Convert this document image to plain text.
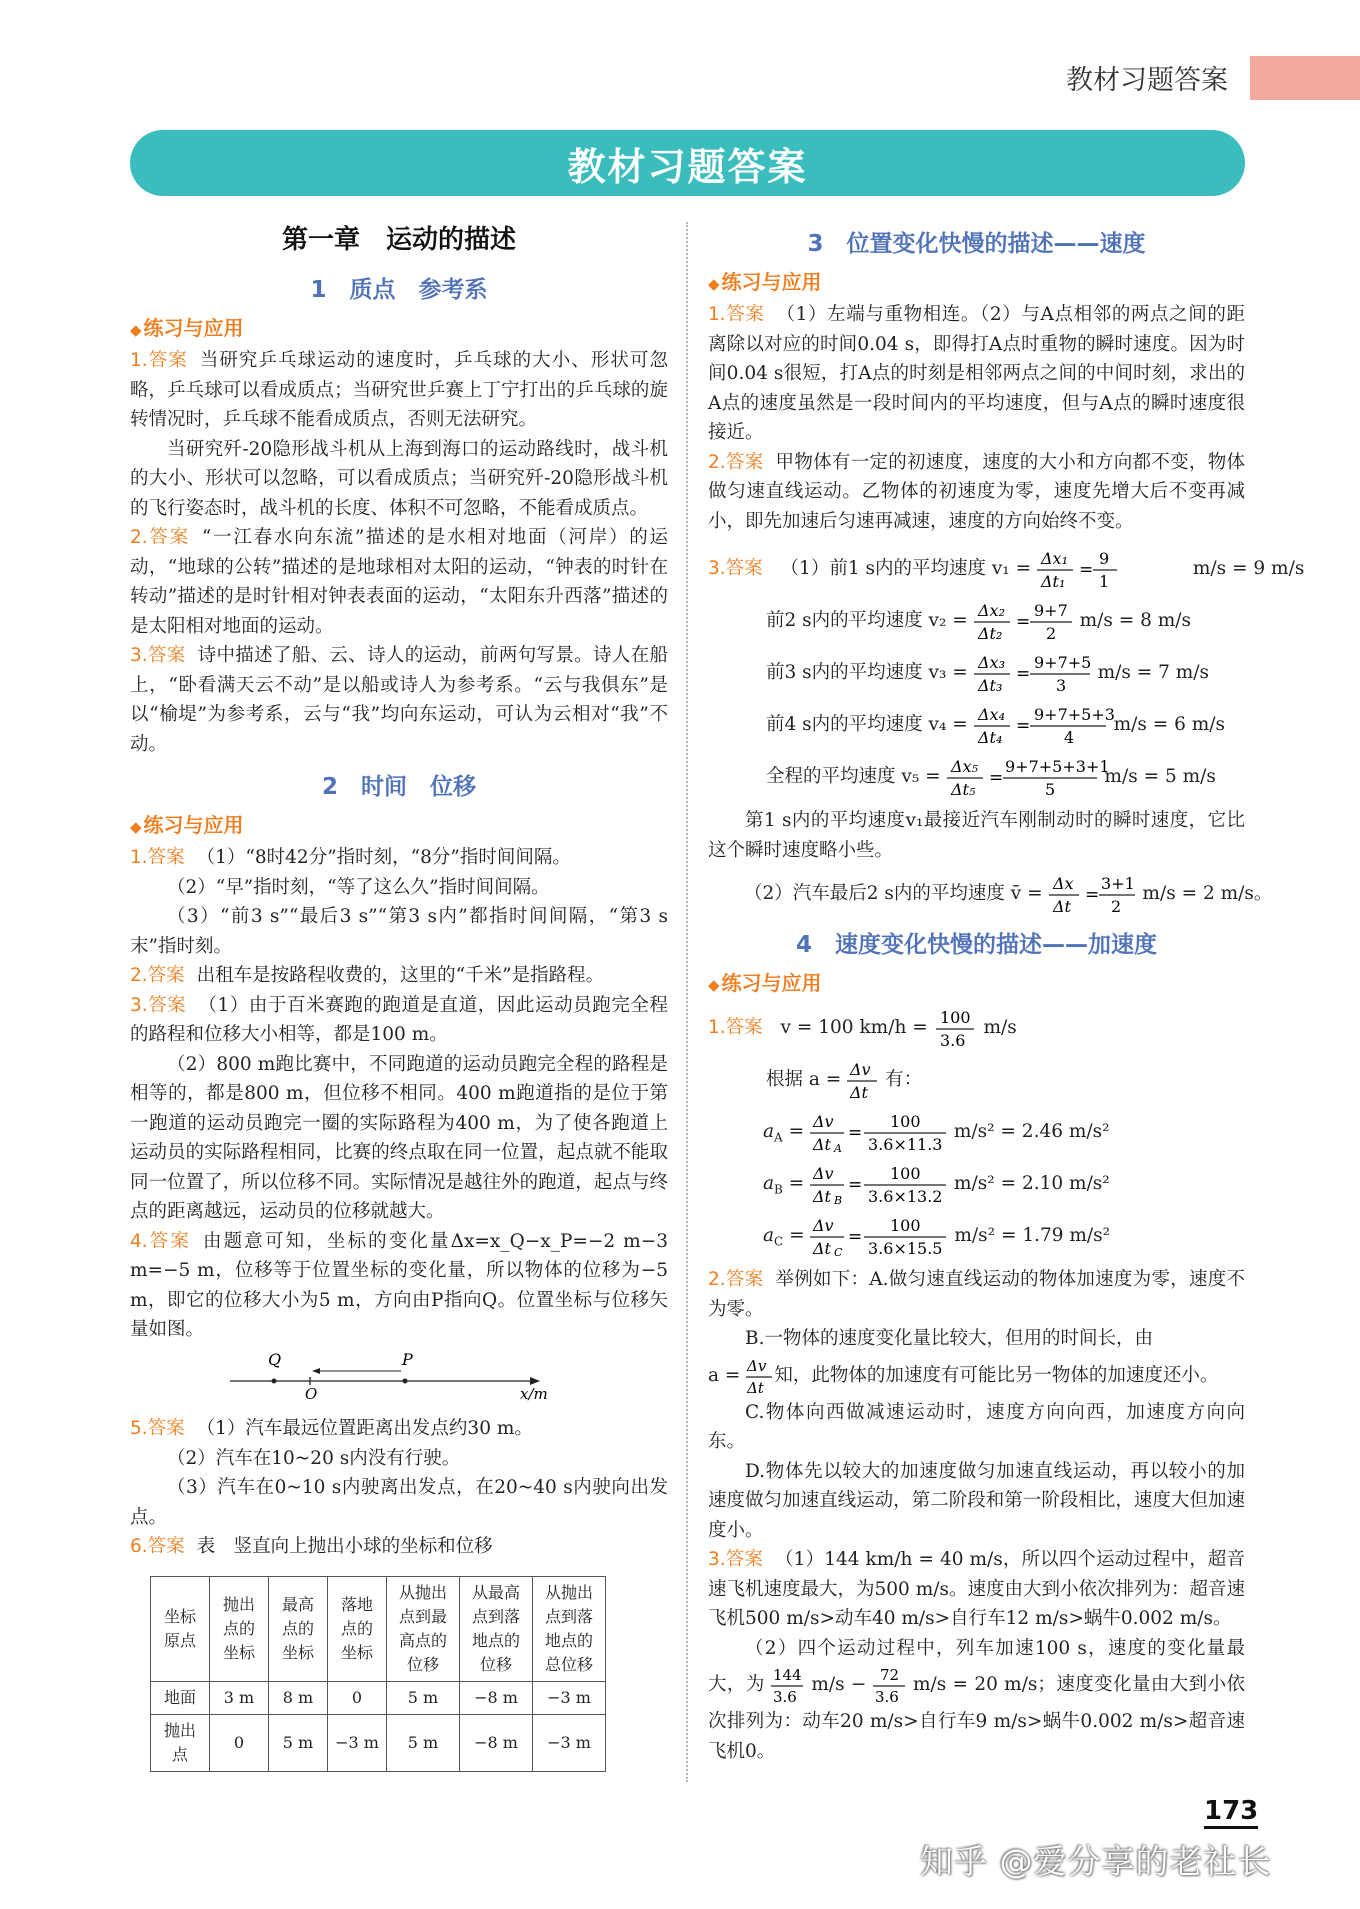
教材习题答案
教材习题答案
第一章　运动的描述
1　质点　参考系
◆ 练习与应用

1.答案 当研究乒乓球运动的速度时，乒乓球的大小、形状可忽略，乒乓球可以看成质点；当研究世乒赛上丁宁打出的乒乓球的旋转情况时，乒乓球不能看成质点，否则无法研究。

当研究歼-20隐形战斗机从上海到海口的运动路线时，战斗机的大小、形状可以忽略，可以看成质点；当研究歼-20隐形战斗机的飞行姿态时，战斗机的长度、体积不可忽略，不能看成质点。

2.答案 “一江春水向东流”描述的是水相对地面（河岸）的运动，“地球的公转”描述的是地球相对太阳的运动，“钟表的时针在转动”描述的是时针相对钟表表面的运动，“太阳东升西落”描述的是太阳相对地面的运动。

3.答案 诗中描述了船、云、诗人的运动，前两句写景。诗人在船上，“卧看满天云不动”是以船或诗人为参考系。“云与我俱东”是以“榆堤”为参考系，云与“我”均向东运动，可认为云相对“我”不动。

2　时间　位移
◆ 练习与应用

1.答案 （1）“8时42分”指时刻，“8分”指时间间隔。

（2）“早”指时刻，“等了这么久”指时间间隔。

（3）“前3 s”“最后3 s”“第3 s内”都指时间间隔，“第3 s末”指时刻。

2.答案 出租车是按路程收费的，这里的“千米”是指路程。

3.答案 （1）由于百米赛跑的跑道是直道，因此运动员跑完全程的路程和位移大小相等，都是100 m。

（2）800 m跑比赛中，不同跑道的运动员跑完全程的路程是相等的，都是800 m，但位移不相同。400 m跑道指的是位于第一跑道的运动员跑完一圈的实际路程为400 m，为了使各跑道上运动员的实际路程相同，比赛的终点取在同一位置，起点就不能取同一位置了，所以位移不同。实际情况是越往外的跑道，起点与终点的距离越远，运动员的位移就越大。

4.答案 由题意可知，坐标的变化量Δx=x_Q−x_P=−2 m−3 m=−5 m，位移等于位置坐标的变化量，所以物体的位移为−5 m，即它的位移大小为5 m，方向由P指向Q。位置坐标与位移矢量如图。

Q	P
O	x/m

5.答案 （1）汽车最远位置距离出发点约30 m。

（2）汽车在10~20 s内没有行驶。

（3）汽车在0~10 s内驶离出发点，在20~40 s内驶向出发点。

6.答案 表　竖直向上抛出小球的坐标和位移

坐标原点	抛出点的坐标	最高点的坐标	落地点的坐标	从抛出点到最高点的位移	从最高点到落地点的位移	从抛出点到落地点的总位移
地面	3 m	8 m	0	5 m	−8 m	−3 m
抛出点	0	5 m	−3 m	5 m	−8 m	−3 m
3　位置变化快慢的描述——速度
◆ 练习与应用

1.答案 （1）左端与重物相连。（2）与A点相邻的两点之间的距离除以对应的时间0.04 s，即得打A点时重物的瞬时速度。因为时间0.04 s很短，打A点的时刻是相邻两点之间的中间时刻，求出的A点的速度虽然是一段时间内的平均速度，但与A点的瞬时速度很接近。

2.答案 甲物体有一定的初速度，速度的大小和方向都不变，物体做匀速直线运动。乙物体的初速度为零，速度先增大后不变再减小，即先加速后匀速再减速，速度的方向始终不变。

3.答案 （1）前1 s内的平均速度 v₁ = Δx₁
Δt₁
=
9
1
m/s = 9 m/s
前2 s内的平均速度 v₂ = Δx₂
Δt₂
=
9+7
2
m/s = 8 m/s
前3 s内的平均速度 v₃ = Δx₃
Δt₃
=
9+7+5
3
m/s = 7 m/s
前4 s内的平均速度 v₄ = Δx₄
Δt₄
=
9+7+5+3
4
m/s = 6 m/s
全程的平均速度 v₅ = Δx₅
Δt₅
=
9+7+5+3+1
5
m/s = 5 m/s

第1 s内的平均速度v₁最接近汽车刚制动时的瞬时速度，它比这个瞬时速度略小些。

（2）汽车最后2 s内的平均速度 v̄ = Δx
Δt
=
3+1
2
m/s = 2 m/s。
4　速度变化快慢的描述——加速度
◆ 练习与应用
1.答案 v = 100 km/h = 100
3.6
m/s
根据 a = Δv
Δt
有：
$a_A = \Delta v$
Δt A
=
100
3.6×11.3
m/s² = 2.46 m/s²
$a_B = \Delta v$
Δt B
=
100
3.6×13.2
m/s² = 2.10 m/s²
$a_C = \Delta v$
Δt C
=
100
3.6×15.5
m/s² = 1.79 m/s²

2.答案 举例如下：A.做匀速直线运动的物体加速度为零，速度不为零。

B.一物体的速度变化量比较大，但用的时间长，由

a = Δv
Δt
知，此物体的加速度有可能比另一物体的加速度还小。

C.物体向西做减速运动时，速度方向向西，加速度方向向东。

D.物体先以较大的加速度做匀加速直线运动，再以较小的加速度做匀加速直线运动，第二阶段和第一阶段相比，速度大但加速度小。

3.答案 （1）144 km/h = 40 m/s，所以四个运动过程中，超音速飞机速度最大，为500 m/s。速度由大到小依次排列为：超音速飞机500 m/s>动车40 m/s>自行车12 m/s>蜗牛0.002 m/s。

（2）四个运动过程中，列车加速100 s，速度的变化量最大，为 144
3.6
m/s − 72
3.6
m/s = 20 m/s；速度变化量由大到小依次排列为：动车20 m/s>自行车9 m/s>蜗牛0.002 m/s>超音速飞机0。

173
知乎 @爱分享的老社长
